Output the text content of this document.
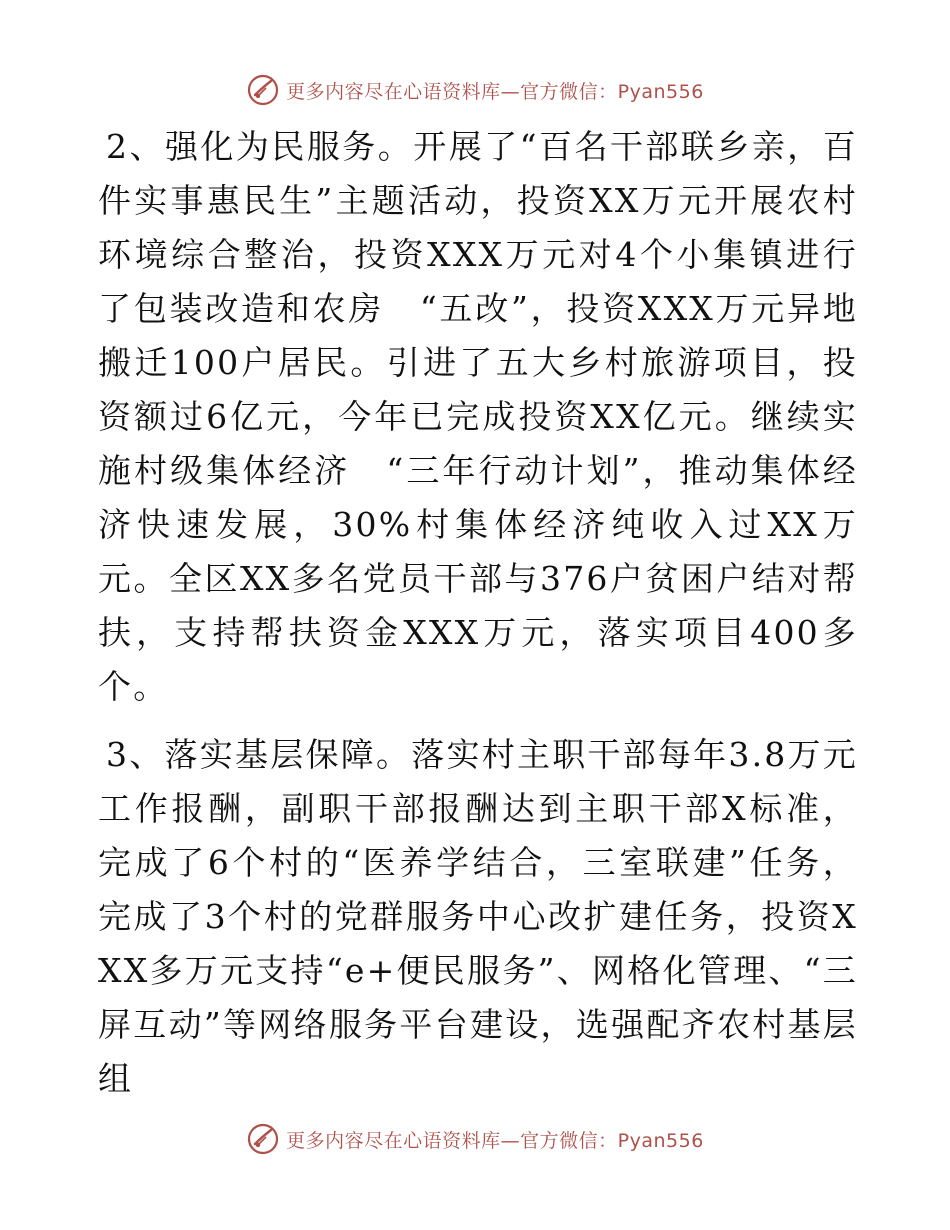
更多内容尽在心语资料库—官方微信：Pyan556

2、强化为民服务。开展了“百名干部联乡亲，百件实事惠民生”主题活动，投资XX万元开展农村环境综合整治，投资XXX万元对4个小集镇进行了包装改造和农房　“五改”，投资XXX万元异地搬迁100户居民。引进了五大乡村旅游项目，投资额过6亿元，今年已完成投资XX亿元。继续实施村级集体经济　“三年行动计划”，推动集体经济快速发展，30%村集体经济纯收入过XX万元。全区XX多名党员干部与376户贫困户结对帮扶，支持帮扶资金XXX万元，落实项目400多个。

3、落实基层保障。落实村主职干部每年3.8万元工作报酬，副职干部报酬达到主职干部X标准，完成了6个村的“医养学结合，三室联建”任务，完成了3个村的党群服务中心改扩建任务，投资XXX多万元支持“e+便民服务”、网格化管理、“三屏互动”等网络服务平台建设，选强配齐农村基层组

更多内容尽在心语资料库—官方微信：Pyan556
